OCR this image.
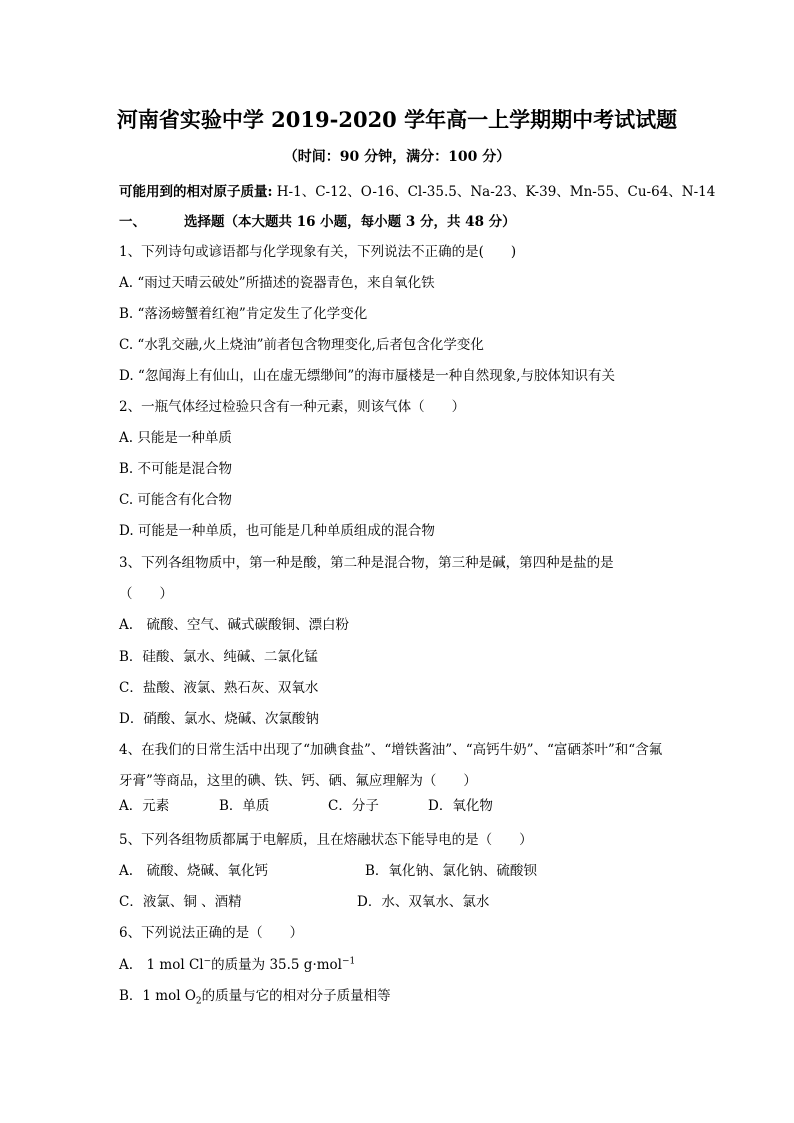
河南省实验中学 2019-2020 学年高一上学期期中考试试题
（时间：90 分钟，满分：100 分）
可能用到的相对原子质量: H-1、C-12、O-16、Cl-35.5、Na-23、K-39、Mn-55、Cu-64、N-14
一、	选择题（本大题共 16 小题，每小题 3 分，共 48 分）
1、下列诗句或谚语都与化学现象有关，下列说法不正确的是(　　)
A. “雨过天晴云破处”所描述的瓷器青色，来自氧化铁
B. “落汤螃蟹着红袍”肯定发生了化学变化
C. “水乳交融,火上烧油”前者包含物理变化,后者包含化学变化
D. “忽闻海上有仙山，山在虚无缥缈间”的海市蜃楼是一种自然现象,与胶体知识有关
2、一瓶气体经过检验只含有一种元素，则该气体（　　）
A. 只能是一种单质
B. 不可能是混合物
C. 可能含有化合物
D. 可能是一种单质，也可能是几种单质组成的混合物
3、下列各组物质中，第一种是酸，第二种是混合物，第三种是碱，第四种是盐的是
（　　）
A.　硫酸、空气、碱式碳酸铜、漂白粉
B．硅酸、氯水、纯碱、二氯化锰
C．盐酸、液氯、熟石灰、双氧水
D．硝酸、氯水、烧碱、次氯酸钠
4、在我们的日常生活中出现了“加碘食盐”、“增铁酱油”、“高钙牛奶”、“富硒茶叶”和“含氟
牙膏”等商品，这里的碘、铁、钙、硒、氟应理解为（　　）
A．元素	B．单质	C．分子	D．氧化物
5、下列各组物质都属于电解质，且在熔融状态下能导电的是（　　）
A.　硫酸、烧碱、氧化钙	B．氧化钠、氯化钠、硫酸钡
C．液氯、铜 、酒精	D．水、双氧水、氯水
6、下列说法正确的是（　　）
A.　1 mol Cl−的质量为 35.5 g·mol$^{-1}$
B．1 mol $O_2$的质量与它的相对分子质量相等
